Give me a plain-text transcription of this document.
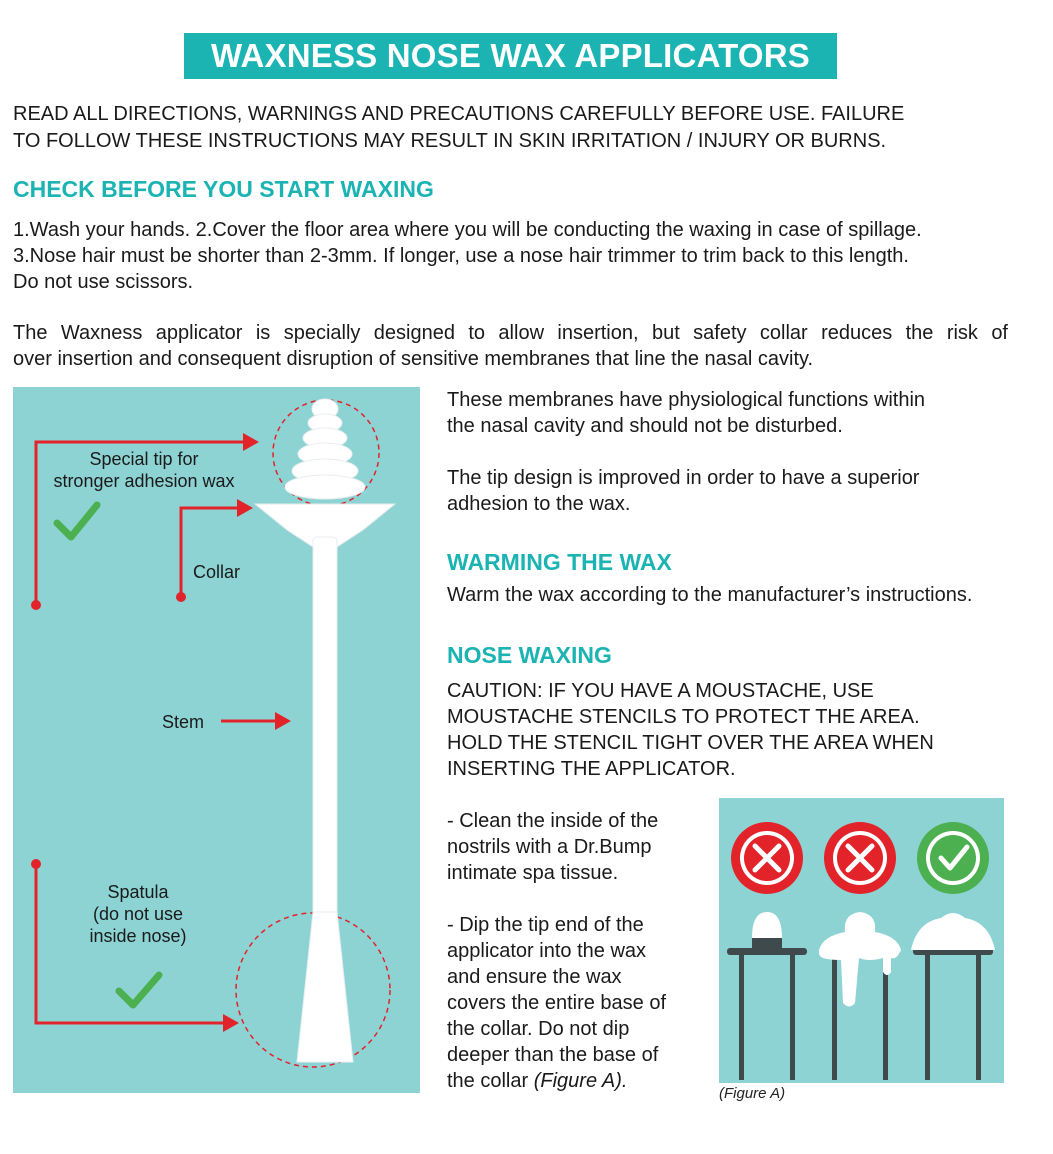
WAXNESS NOSE WAX APPLICATORS
READ ALL DIRECTIONS, WARNINGS AND PRECAUTIONS CAREFULLY BEFORE USE. FAILURE
TO FOLLOW THESE INSTRUCTIONS MAY RESULT IN SKIN IRRITATION / INJURY OR BURNS.
CHECK BEFORE YOU START WAXING
1.Wash your hands. 2.Cover the floor area where you will be conducting the waxing in case of spillage.
3.Nose hair must be shorter than 2-3mm. If longer, use a nose hair trimmer to trim back to this length.
Do not use scissors.
The Waxness applicator is specially designed to allow insertion, but safety collar reduces the risk of
over insertion and consequent disruption of sensitive membranes that line the nasal cavity.
Special tip for
stronger adhesion wax
Collar
Stem
Spatula
(do not use
inside nose)
These membranes have physiological functions within
the nasal cavity and should not be disturbed.
The tip design is improved in order to have a superior
adhesion to the wax.
WARMING THE WAX
Warm the wax according to the manufacturer’s instructions.
NOSE WAXING
CAUTION: IF YOU HAVE A MOUSTACHE, USE
MOUSTACHE STENCILS TO PROTECT THE AREA.
HOLD THE STENCIL TIGHT OVER THE AREA WHEN
INSERTING THE APPLICATOR.
- Clean the inside of the
nostrils with a Dr.Bump
intimate spa tissue.
- Dip the tip end of the
applicator into the wax
and ensure the wax
covers the entire base of
the collar. Do not dip
deeper than the base of
the collar (Figure A).
(Figure A)
